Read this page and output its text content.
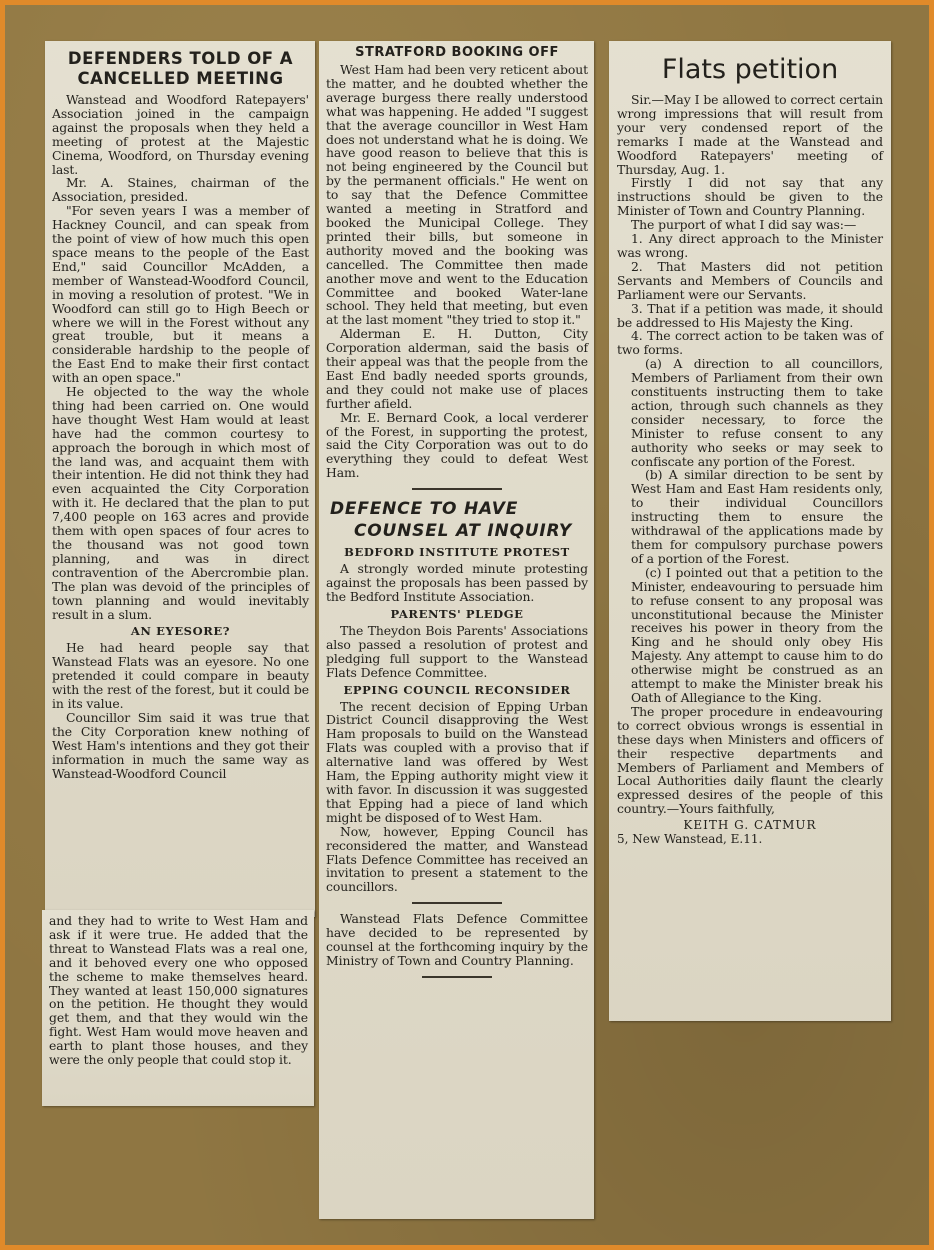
DEFENDERS TOLD OF A CANCELLED MEETING

Wanstead and Woodford Ratepayers' Association joined in the campaign against the proposals when they held a meeting of protest at the Majestic Cinema, Woodford, on Thursday evening last.

Mr. A. Staines, chairman of the Association, presided.

"For seven years I was a member of Hackney Council, and can speak from the point of view of how much this open space means to the people of the East End," said Councillor McAdden, a member of Wanstead-Woodford Council, in moving a resolution of protest. "We in Woodford can still go to High Beech or where we will in the Forest without any great trouble, but it means a considerable hardship to the people of the East End to make their first contact with an open space."

He objected to the way the whole thing had been carried on. One would have thought West Ham would at least have had the common courtesy to approach the borough in which most of the land was, and acquaint them with their intention. He did not think they had even acquainted the City Corporation with it. He declared that the plan to put 7,400 people on 163 acres and provide them with open spaces of four acres to the thousand was not good town planning, and was in direct contravention of the Abercrombie plan. The plan was devoid of the principles of town planning and would inevitably result in a slum.

AN EYESORE?

He had heard people say that Wanstead Flats was an eyesore. No one pretended it could compare in beauty with the rest of the forest, but it could be in its value.

Councillor Sim said it was true that the City Corporation knew nothing of West Ham's intentions and they got their information in much the same way as Wanstead-Woodford Council

and they had to write to West Ham and ask if it were true. He added that the threat to Wanstead Flats was a real one, and it behoved every one who opposed the scheme to make themselves heard. They wanted at least 150,000 signatures on the petition. He thought they would get them, and that they would win the fight. West Ham would move heaven and earth to plant those houses, and they were the only people that could stop it.

STRATFORD BOOKING OFF

West Ham had been very reticent about the matter, and he doubted whether the average burgess there really understood what was happening. He added "I suggest that the average councillor in West Ham does not understand what he is doing. We have good reason to believe that this is not being engineered by the Council but by the permanent officials." He went on to say that the Defence Committee wanted a meeting in Stratford and booked the Municipal College. They printed their bills, but someone in authority moved and the booking was cancelled. The Committee then made another move and went to the Education Committee and booked Water-lane school. They held that meeting, but even at the last moment "they tried to stop it."

Alderman E. H. Dutton, City Corporation alderman, said the basis of their appeal was that the people from the East End badly needed sports grounds, and they could not make use of places further afield.

Mr. E. Bernard Cook, a local verderer of the Forest, in supporting the protest, said the City Corporation was out to do everything they could to defeat West Ham.

DEFENCE TO HAVE
COUNSEL AT INQUIRY
BEDFORD INSTITUTE PROTEST

A strongly worded minute protesting against the proposals has been passed by the Bedford Institute Association.

PARENTS' PLEDGE

The Theydon Bois Parents' Associations also passed a resolution of protest and pledging full support to the Wanstead Flats Defence Committee.

EPPING COUNCIL RECONSIDER

The recent decision of Epping Urban District Council disapproving the West Ham proposals to build on the Wanstead Flats was coupled with a proviso that if alternative land was offered by West Ham, the Epping authority might view it with favor. In discussion it was suggested that Epping had a piece of land which might be disposed of to West Ham.

Now, however, Epping Council has reconsidered the matter, and Wanstead Flats Defence Committee has received an invitation to present a statement to the councillors.

Wanstead Flats Defence Committee have decided to be represented by counsel at the forthcoming inquiry by the Ministry of Town and Country Planning.

Flats petition

Sir.—May I be allowed to correct certain wrong impressions that will result from your very condensed report of the remarks I made at the Wanstead and Woodford Ratepayers' meeting of Thursday, Aug. 1.

Firstly I did not say that any instructions should be given to the Minister of Town and Country Planning.

The purport of what I did say was:—

1. Any direct approach to the Minister was wrong.

2. That Masters did not petition Servants and Members of Councils and Parliament were our Servants.

3. That if a petition was made, it should be addressed to His Majesty the King.

4. The correct action to be taken was of two forms.

(a) A direction to all councillors, Members of Parliament from their own constituents instructing them to take action, through such channels as they consider necessary, to force the Minister to refuse consent to any authority who seeks or may seek to confiscate any portion of the Forest.

(b) A similar direction to be sent by West Ham and East Ham residents only, to their individual Councillors instructing them to ensure the withdrawal of the applications made by them for compulsory purchase powers of a portion of the Forest.

(c) I pointed out that a petition to the Minister, endeavouring to persuade him to refuse consent to any proposal was unconstitutional because the Minister receives his power in theory from the King and he should only obey His Majesty. Any attempt to cause him to do otherwise might be construed as an attempt to make the Minister break his Oath of Allegiance to the King.

The proper procedure in endeavouring to correct obvious wrongs is essential in these days when Ministers and officers of their respective departments and Members of Parliament and Members of Local Authorities daily flaunt the clearly expressed desires of the people of this country.—Yours faithfully,

KEITH G. CATMUR
5, New Wanstead, E.11.
